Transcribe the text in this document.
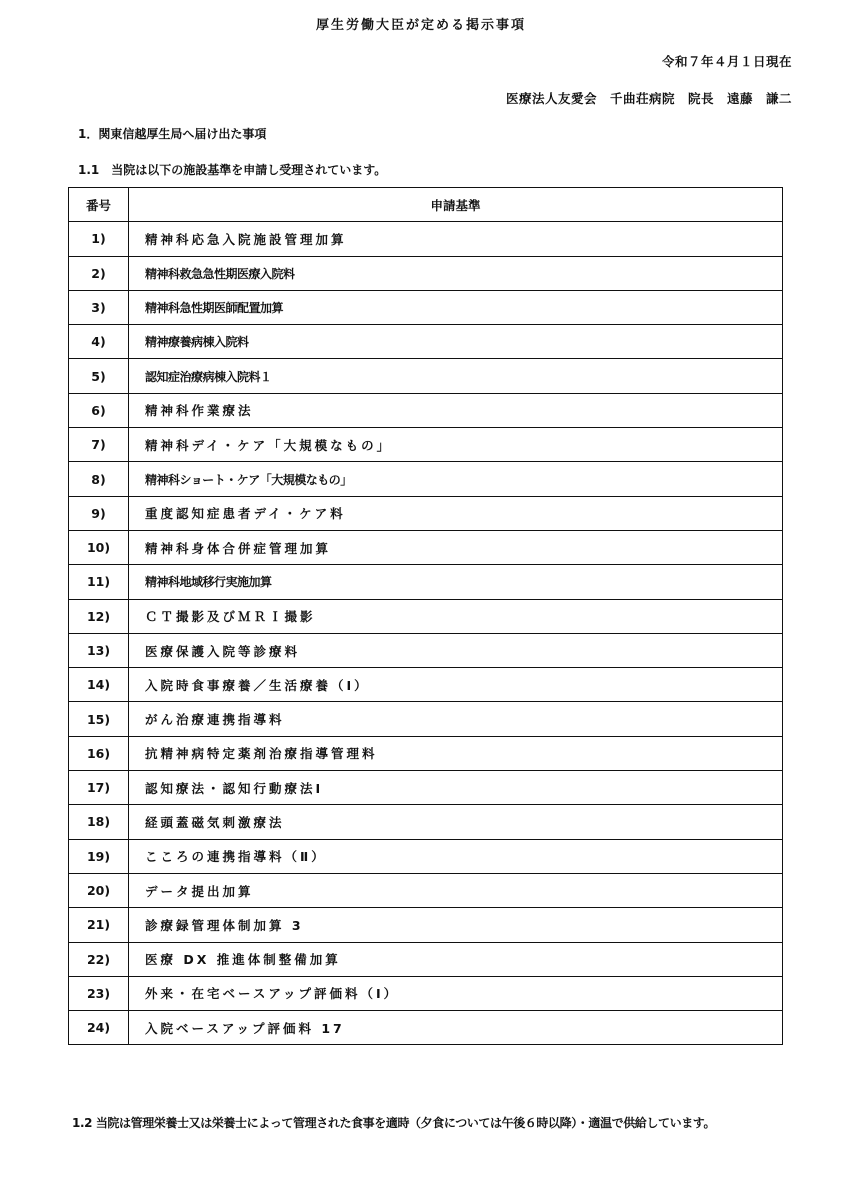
厚生労働大臣が定める掲示事項
令和７年４月１日現在
医療法人友愛会　千曲荘病院　院長　遠藤　謙二
1．関東信越厚生局へ届け出た事項
1.1　当院は以下の施設基準を申請し受理されています。
番号	申請基準
1)	精神科応急入院施設管理加算
2)	精神科救急急性期医療入院料
3)	精神科急性期医師配置加算
4)	精神療養病棟入院料
5)	認知症治療病棟入院料１
6)	精神科作業療法
7)	精神科デイ・ケア「大規模なもの」
8)	精神科ショート・ケア「大規模なもの」
9)	重度認知症患者デイ・ケア料
10)	精神科身体合併症管理加算
11)	精神科地域移行実施加算
12)	ＣＴ撮影及びＭＲＩ撮影
13)	医療保護入院等診療料
14)	入院時食事療養／生活療養（Ⅰ）
15)	がん治療連携指導料
16)	抗精神病特定薬剤治療指導管理料
17)	認知療法・認知行動療法Ⅰ
18)	経頭蓋磁気刺激療法
19)	こころの連携指導料（Ⅱ）
20)	データ提出加算
21)	診療録管理体制加算 3
22)	医療 DX 推進体制整備加算
23)	外来・在宅ベースアップ評価料（Ⅰ）
24)	入院ベースアップ評価料 17
1.2 当院は管理栄養士又は栄養士によって管理された食事を適時（夕食については午後６時以降）・適温で供給しています。
